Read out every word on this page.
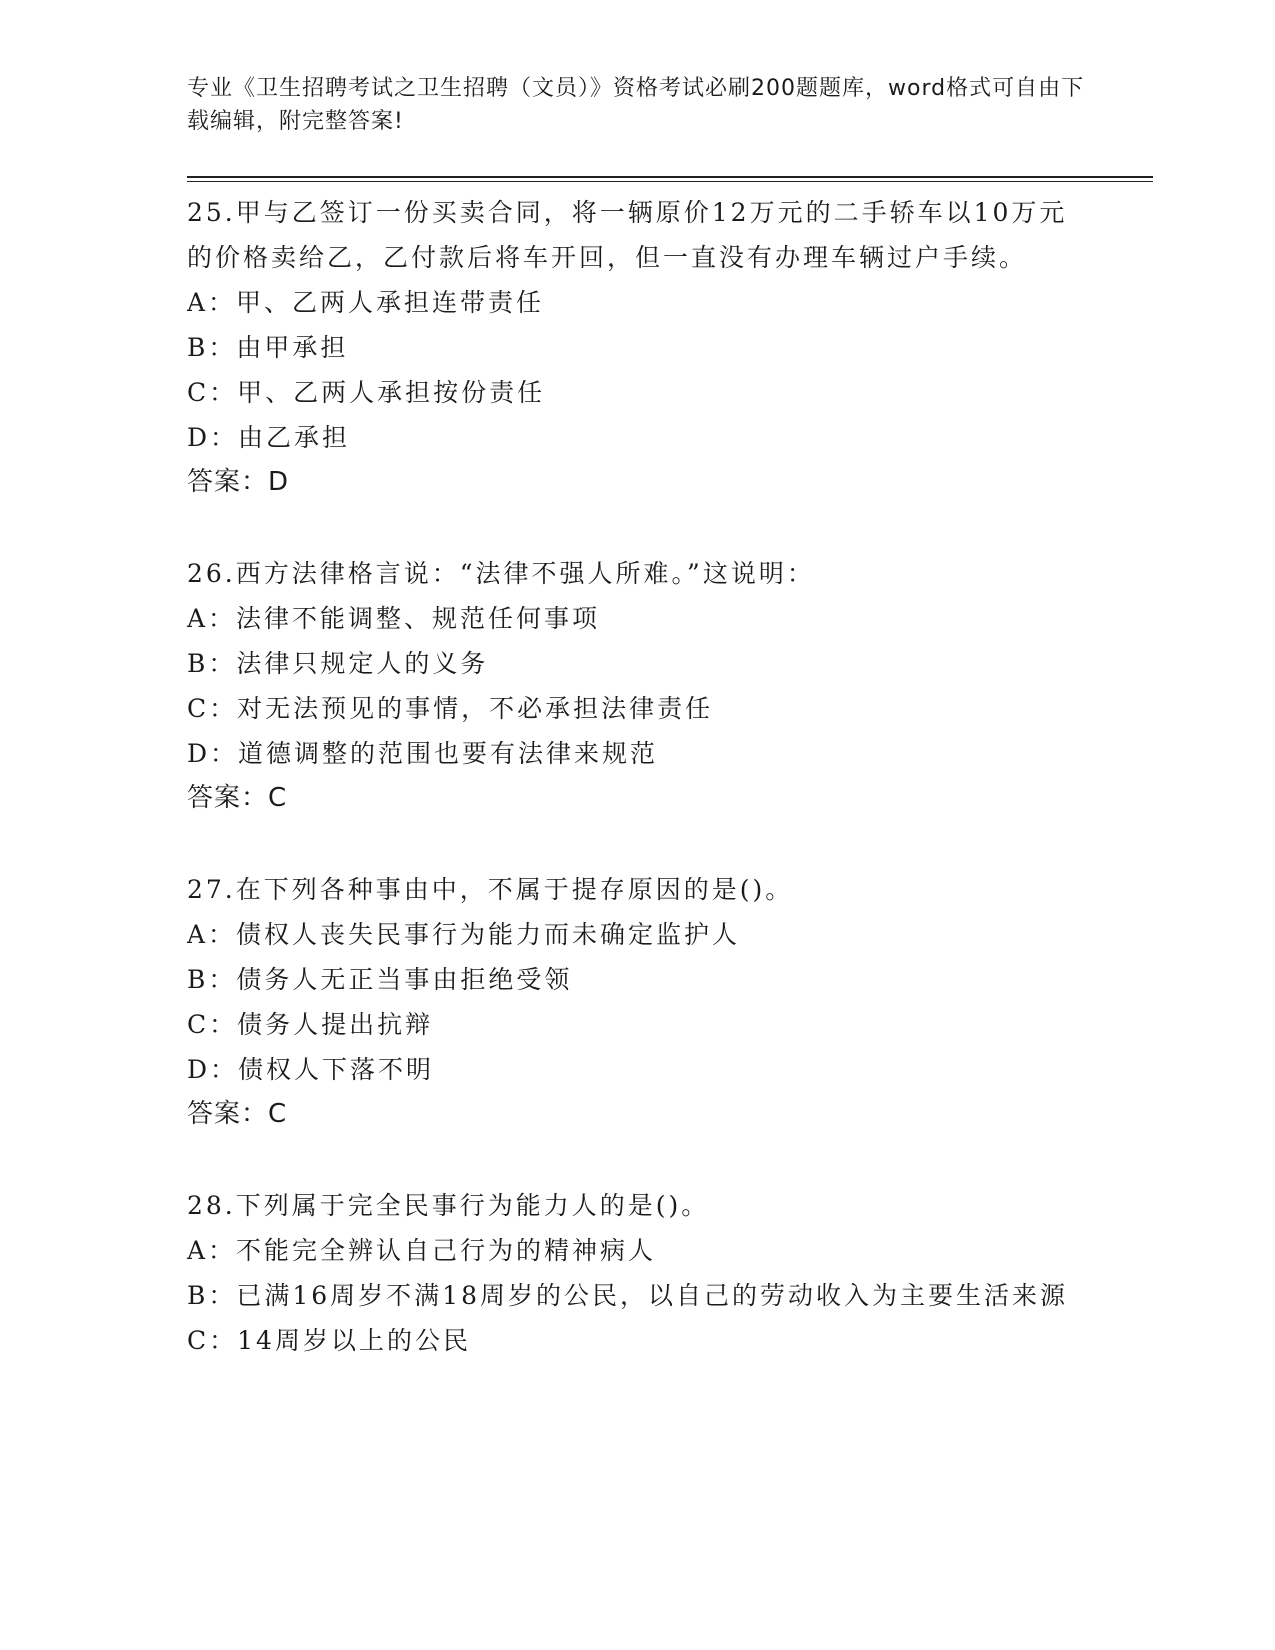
专业《卫生招聘考试之卫生招聘（文员）》资格考试必刷200题题库，word格式可自由下载编辑，附完整答案!

25.甲与乙签订一份买卖合同，将一辆原价12万元的二手轿车以10万元的价格卖给乙，乙付款后将车开回，但一直没有办理车辆过户手续。

A：甲、乙两人承担连带责任

B：由甲承担

C：甲、乙两人承担按份责任

D：由乙承担

答案：D

26.西方法律格言说：“法律不强人所难。”这说明：

A：法律不能调整、规范任何事项

B：法律只规定人的义务

C：对无法预见的事情，不必承担法律责任

D：道德调整的范围也要有法律来规范

答案：C

27.在下列各种事由中，不属于提存原因的是()。

A：债权人丧失民事行为能力而未确定监护人

B：债务人无正当事由拒绝受领

C：债务人提出抗辩

D：债权人下落不明

答案：C

28.下列属于完全民事行为能力人的是()。

A：不能完全辨认自己行为的精神病人

B：已满16周岁不满18周岁的公民，以自己的劳动收入为主要生活来源

C：14周岁以上的公民
